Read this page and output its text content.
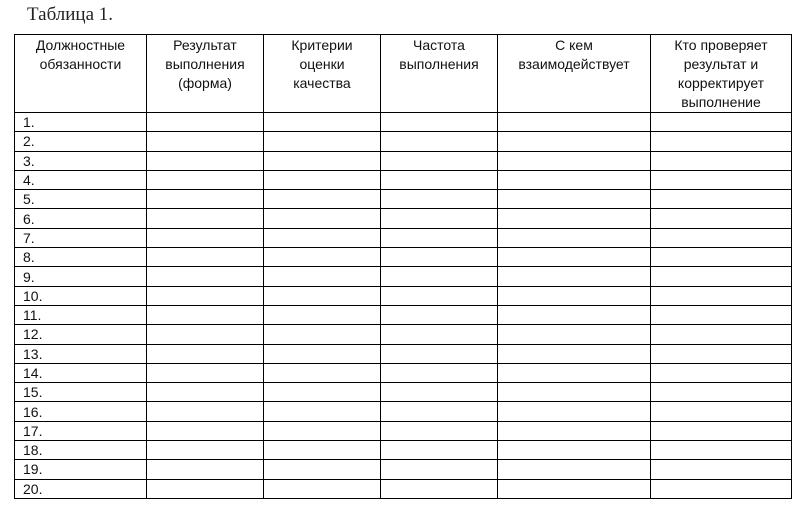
Таблица 1.
Должностные
обязанности	Результат
выполнения
(форма)	Критерии
оценки
качества	Частота
выполнения	С кем
взаимодействует	Кто проверяет
результат и
корректирует
выполнение
1.					
2.					
3.					
4.					
5.					
6.					
7.					
8.					
9.					
10.					
11.					
12.					
13.					
14.					
15.					
16.					
17.					
18.					
19.					
20.					
